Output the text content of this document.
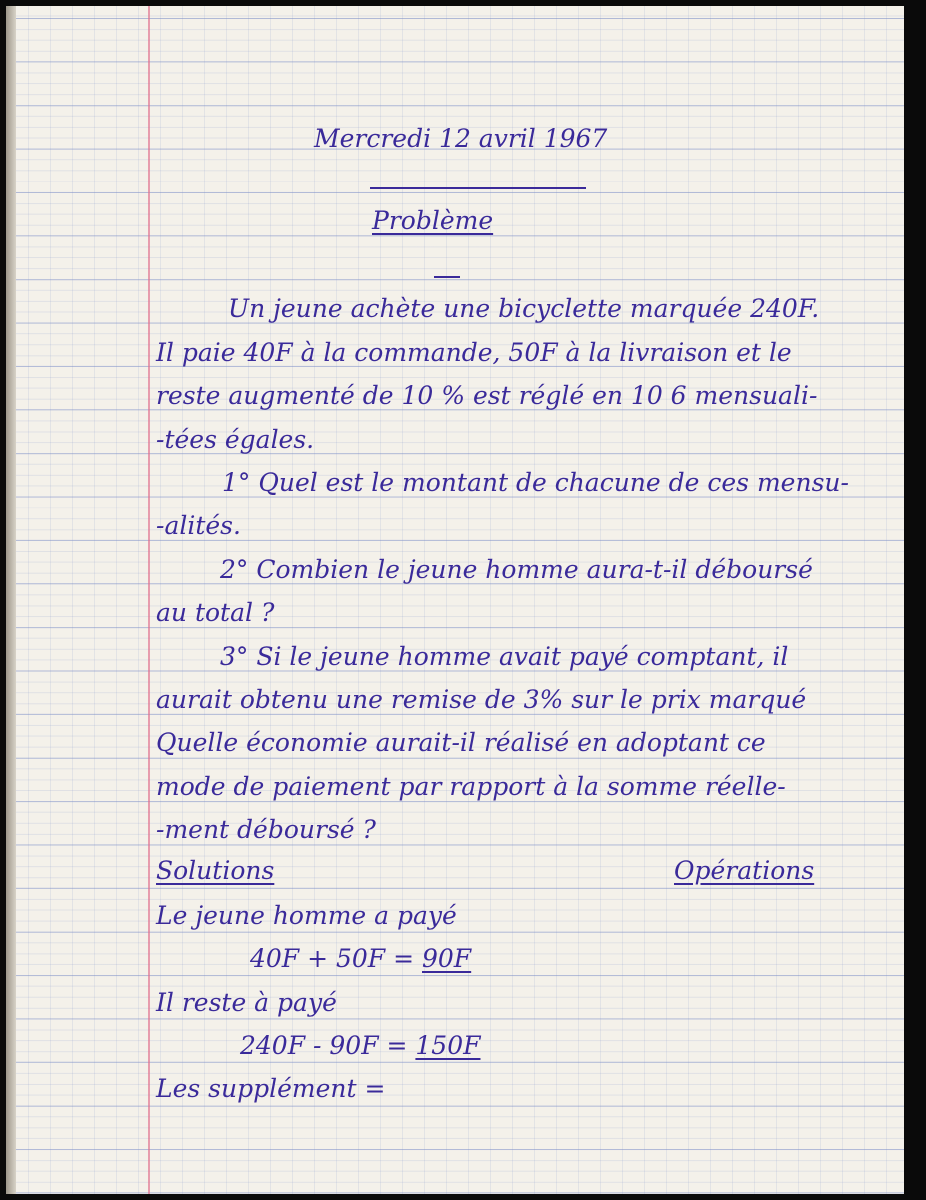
Mercredi 12 avril 1967

Problème

Un jeune achète une bicyclette marquée 240F.

Il paie 40F à la commande, 50F à la livraison et le

reste augmenté de 10 % est réglé en 10 6 mensuali-

-tées égales.

1° Quel est le montant de chacune de ces mensu-

-alités.

2° Combien le jeune homme aura-t-il déboursé

au total ?

3° Si le jeune homme avait payé comptant, il

aurait obtenu une remise de 3% sur le prix marqué

Quelle économie aurait-il réalisé en adoptant ce

mode de paiement par rapport à la somme réelle-

-ment déboursé ?

Solutions	Opérations

Le jeune homme a payé

40F + 50F = 90F

Il reste à payé

240F - 90F = 150F

Les supplément =
